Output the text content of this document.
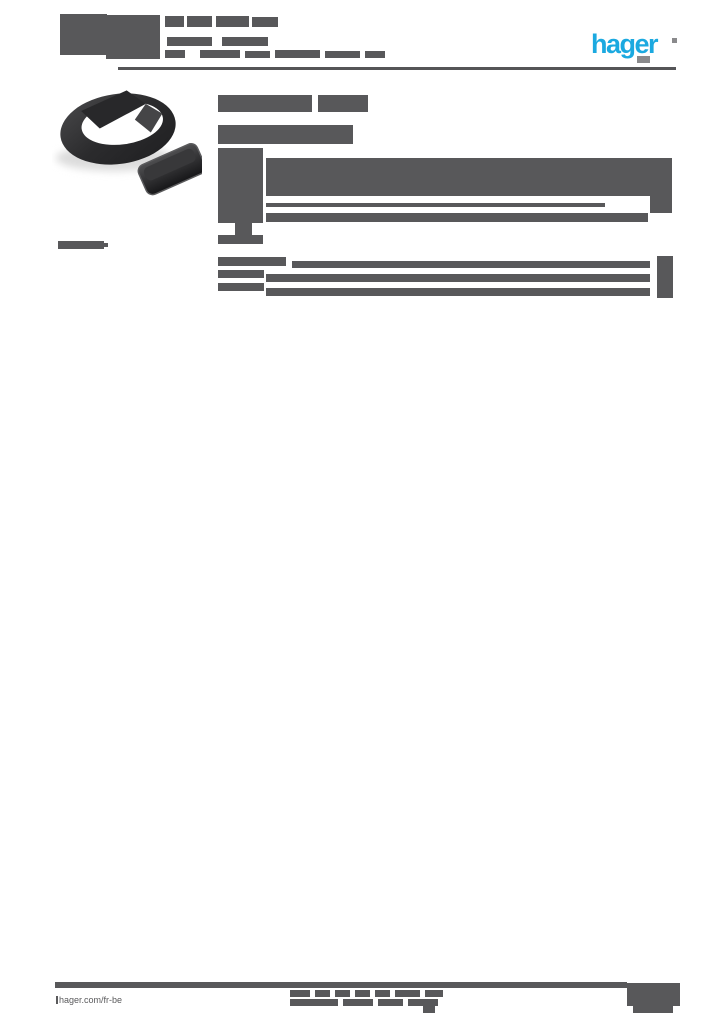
hager
hager.com/fr-be
